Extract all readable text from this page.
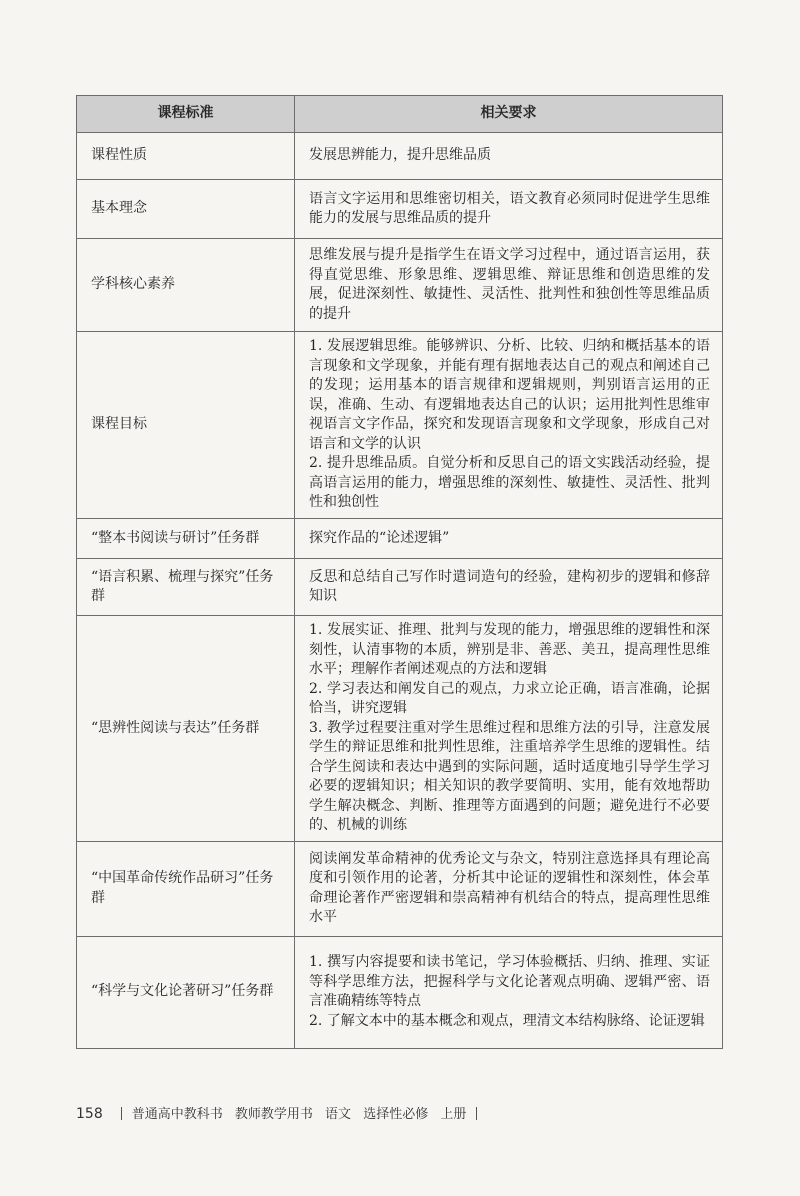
课程标准	相关要求
课程性质	发展思辨能力，提升思维品质

基本理念	语言文字运用和思维密切相关，语文教育必须同时促进学生思维能力的发展与思维品质的提升

学科核心素养	思维发展与提升是指学生在语文学习过程中，通过语言运用，获得直觉思维、形象思维、逻辑思维、辩证思维和创造思维的发展，促进深刻性、敏捷性、灵活性、批判性和独创性等思维品质的提升

课程目标	1. 发展逻辑思维。能够辨识、分析、比较、归纳和概括基本的语言现象和文学现象，并能有理有据地表达自己的观点和阐述自己的发现；运用基本的语言规律和逻辑规则，判别语言运用的正误，准确、生动、有逻辑地表达自己的认识；运用批判性思维审视语言文字作品，探究和发现语言现象和文学现象，形成自己对语言和文学的认识
2. 提升思维品质。自觉分析和反思自己的语文实践活动经验，提高语言运用的能力，增强思维的深刻性、敏捷性、灵活性、批判性和独创性

“整本书阅读与研讨”任务群	探究作品的“论述逻辑”

“语言积累、梳理与探究”任务群	反思和总结自己写作时遣词造句的经验，建构初步的逻辑和修辞知识

“思辨性阅读与表达”任务群	1. 发展实证、推理、批判与发现的能力，增强思维的逻辑性和深刻性，认清事物的本质，辨别是非、善恶、美丑，提高理性思维水平；理解作者阐述观点的方法和逻辑
2. 学习表达和阐发自己的观点，力求立论正确，语言准确，论据恰当，讲究逻辑
3. 教学过程要注重对学生思维过程和思维方法的引导，注意发展学生的辩证思维和批判性思维，注重培养学生思维的逻辑性。结合学生阅读和表达中遇到的实际问题，适时适度地引导学生学习必要的逻辑知识；相关知识的教学要简明、实用，能有效地帮助学生解决概念、判断、推理等方面遇到的问题；避免进行不必要的、机械的训练

“中国革命传统作品研习”任务群	阅读阐发革命精神的优秀论文与杂文，特别注意选择具有理论高度和引领作用的论著，分析其中论证的逻辑性和深刻性，体会革命理论著作严密逻辑和崇高精神有机结合的特点，提高理性思维水平

“科学与文化论著研习”任务群	1. 撰写内容提要和读书笔记，学习体验概括、归纳、推理、实证等科学思维方法，把握科学与文化论著观点明确、逻辑严密、语言准确精练等特点
2. 了解文本中的基本概念和观点，理清文本结构脉络、论证逻辑
158 普通高中教科书 教师教学用书 语文 选择性必修 上册
